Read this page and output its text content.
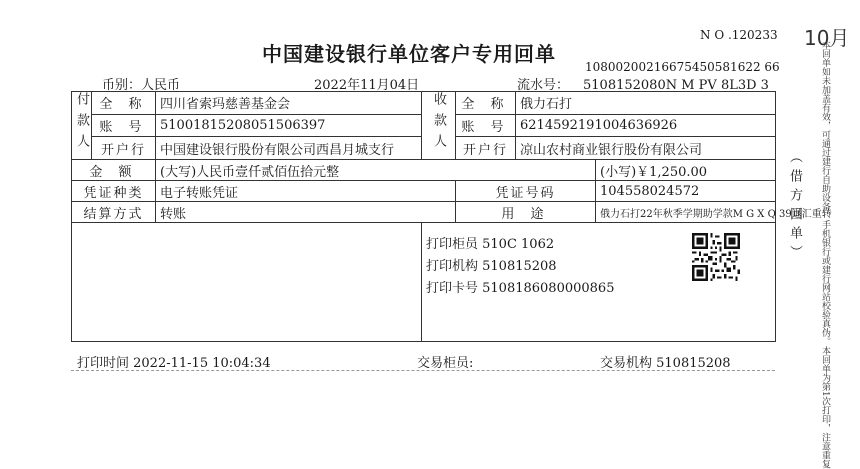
N O .120233 10月
中国建设银行单位客户专用回单
10800200216675450581622 66
币别：人民币	2022年11月04日	流水号： 5108152080N M PV 8L3D 3
付款人	全 称	四川省索玛慈善基金会	收款人	全 称	俄力石打	
	账 号	51001815208051506397		账 号	6214592191004636926	
	开户行	中国建设银行股份有限公司西昌月城支行		开户行	凉山农村商业银行股份有限公司	
金 额		(大写)人民币壹仟贰佰伍拾元整				(小写)￥1,250.00
凭证种类		电子转账凭证		凭证号码		104558024572
结算方式		转账		用 途		俄力石打22年秋季学期助学款M G X Q 39退汇重转

			打印柜员 510C 1062
打印机构 510815208
打印卡号 5108186080000865			
打印时间 2022-11-15 10:04:34	交易柜员:	交易机构 510815208
（借方回单） 本回单如未加盖有效，可通过建行自助设备、手机银行或建行网站校验真伪。本回单为第1次打印，注意重复
